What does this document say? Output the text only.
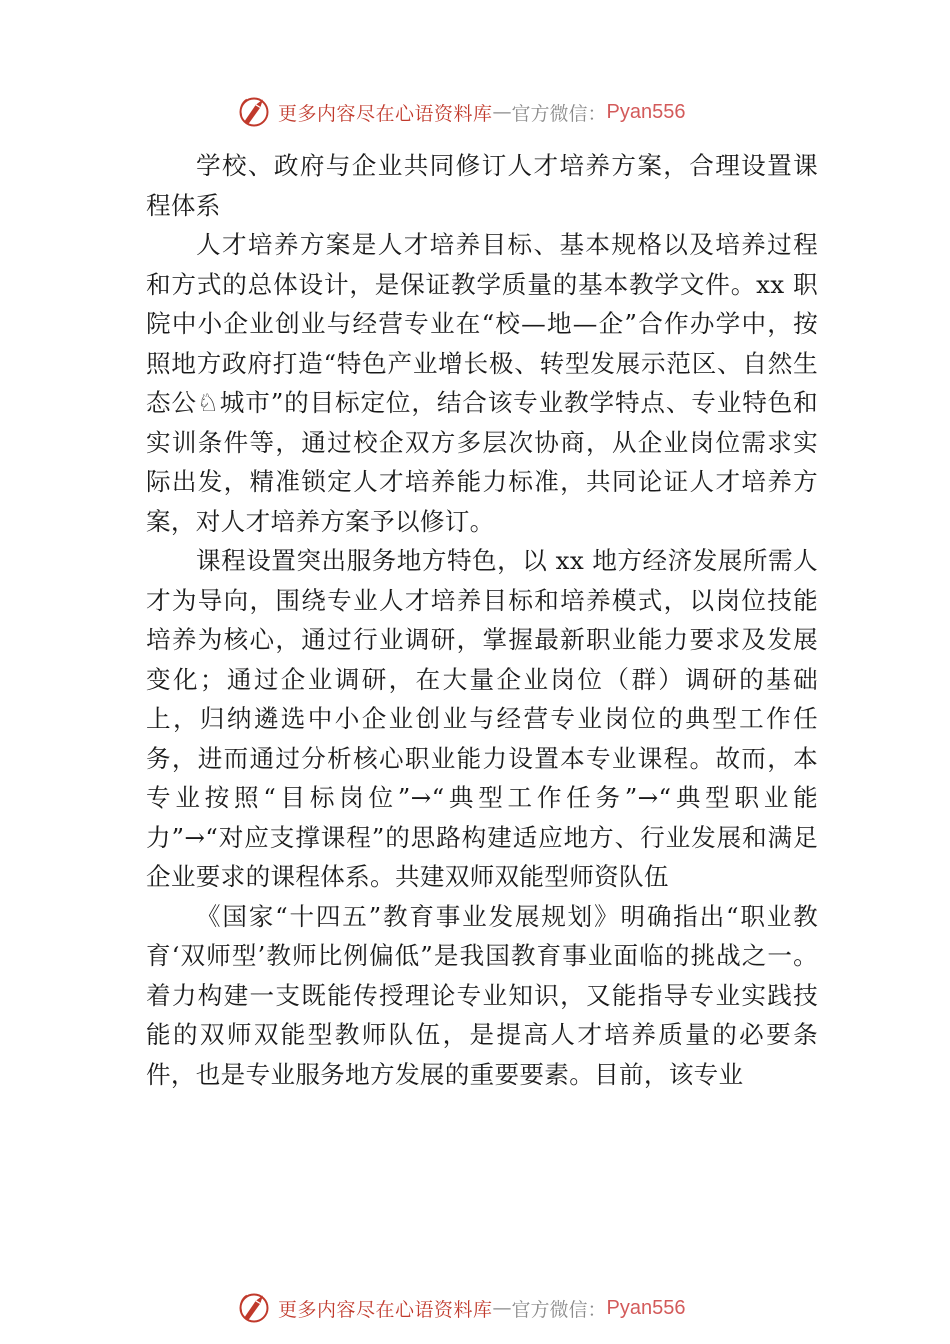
更多内容尽在心语资料库 — 官方微信： Pyan556

学校、政府与企业共同修订人才培养方案，合理设置课程体系

人才培养方案是人才培养目标、基本规格以及培养过程和方式的总体设计，是保证教学质量的基本教学文件。xx 职院中小企业创业与经营专业在“校—地—企”合作办学中，按照地方政府打造“特色产业增长极、转型发展示范区、自然生态公♘城市”的目标定位，结合该专业教学特点、专业特色和实训条件等，通过校企双方多层次协商，从企业岗位需求实际出发，精准锁定人才培养能力标准，共同论证人才培养方案，对人才培养方案予以修订。

课程设置突出服务地方特色，以 xx 地方经济发展所需人才为导向，围绕专业人才培养目标和培养模式，以岗位技能培养为核心，通过行业调研，掌握最新职业能力要求及发展变化；通过企业调研，在大量企业岗位（群）调研的基础上，归纳遴选中小企业创业与经营专业岗位的典型工作任务，进而通过分析核心职业能力设置本专业课程。故而，本专业按照“目标岗位”→“典型工作任务”→“典型职业能力”→“对应支撑课程”的思路构建适应地方、行业发展和满足企业要求的课程体系。共建双师双能型师资队伍

《国家“十四五”教育事业发展规划》明确指出“职业教育‘双师型’教师比例偏低”是我国教育事业面临的挑战之一。着力构建一支既能传授理论专业知识，又能指导专业实践技能的双师双能型教师队伍，是提高人才培养质量的必要条件，也是专业服务地方发展的重要要素。目前，该专业

更多内容尽在心语资料库 — 官方微信： Pyan556
